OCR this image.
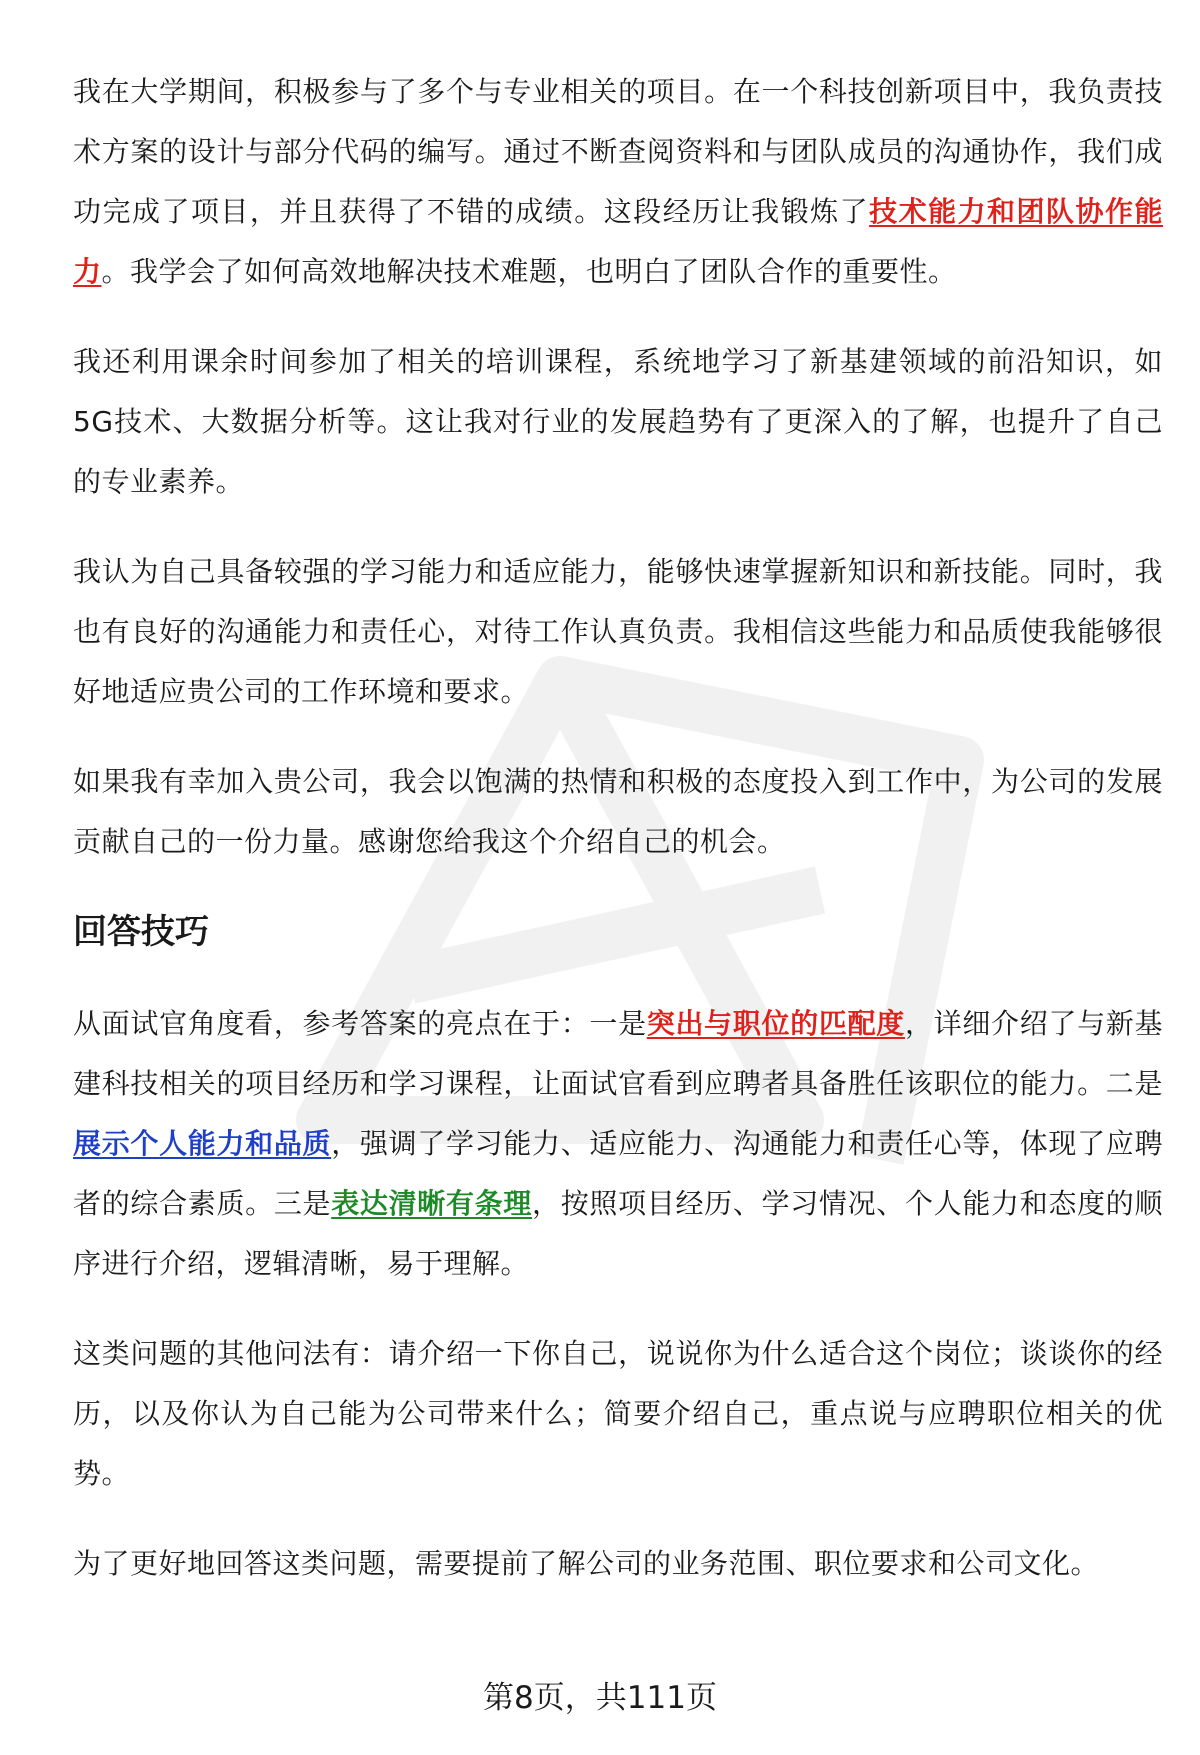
我在大学期间，积极参与了多个与专业相关的项目。在一个科技创新项目中，我负责技术方案的设计与部分代码的编写。通过不断查阅资料和与团队成员的沟通协作，我们成功完成了项目，并且获得了不错的成绩。这段经历让我锻炼了技术能力和团队协作能力。我学会了如何高效地解决技术难题，也明白了团队合作的重要性。

我还利用课余时间参加了相关的培训课程，系统地学习了新基建领域的前沿知识，如5G技术、大数据分析等。这让我对行业的发展趋势有了更深入的了解，也提升了自己的专业素养。

我认为自己具备较强的学习能力和适应能力，能够快速掌握新知识和新技能。同时，我也有良好的沟通能力和责任心，对待工作认真负责。我相信这些能力和品质使我能够很好地适应贵公司的工作环境和要求。

如果我有幸加入贵公司，我会以饱满的热情和积极的态度投入到工作中，为公司的发展贡献自己的一份力量。感谢您给我这个介绍自己的机会。

回答技巧

从面试官角度看，参考答案的亮点在于：一是突出与职位的匹配度，详细介绍了与新基建科技相关的项目经历和学习课程，让面试官看到应聘者具备胜任该职位的能力。二是展示个人能力和品质，强调了学习能力、适应能力、沟通能力和责任心等，体现了应聘者的综合素质。三是表达清晰有条理，按照项目经历、学习情况、个人能力和态度的顺序进行介绍，逻辑清晰，易于理解。

这类问题的其他问法有：请介绍一下你自己，说说你为什么适合这个岗位；谈谈你的经历，以及你认为自己能为公司带来什么；简要介绍自己，重点说与应聘职位相关的优势。

为了更好地回答这类问题，需要提前了解公司的业务范围、职位要求和公司文化。

第8页，共111页
